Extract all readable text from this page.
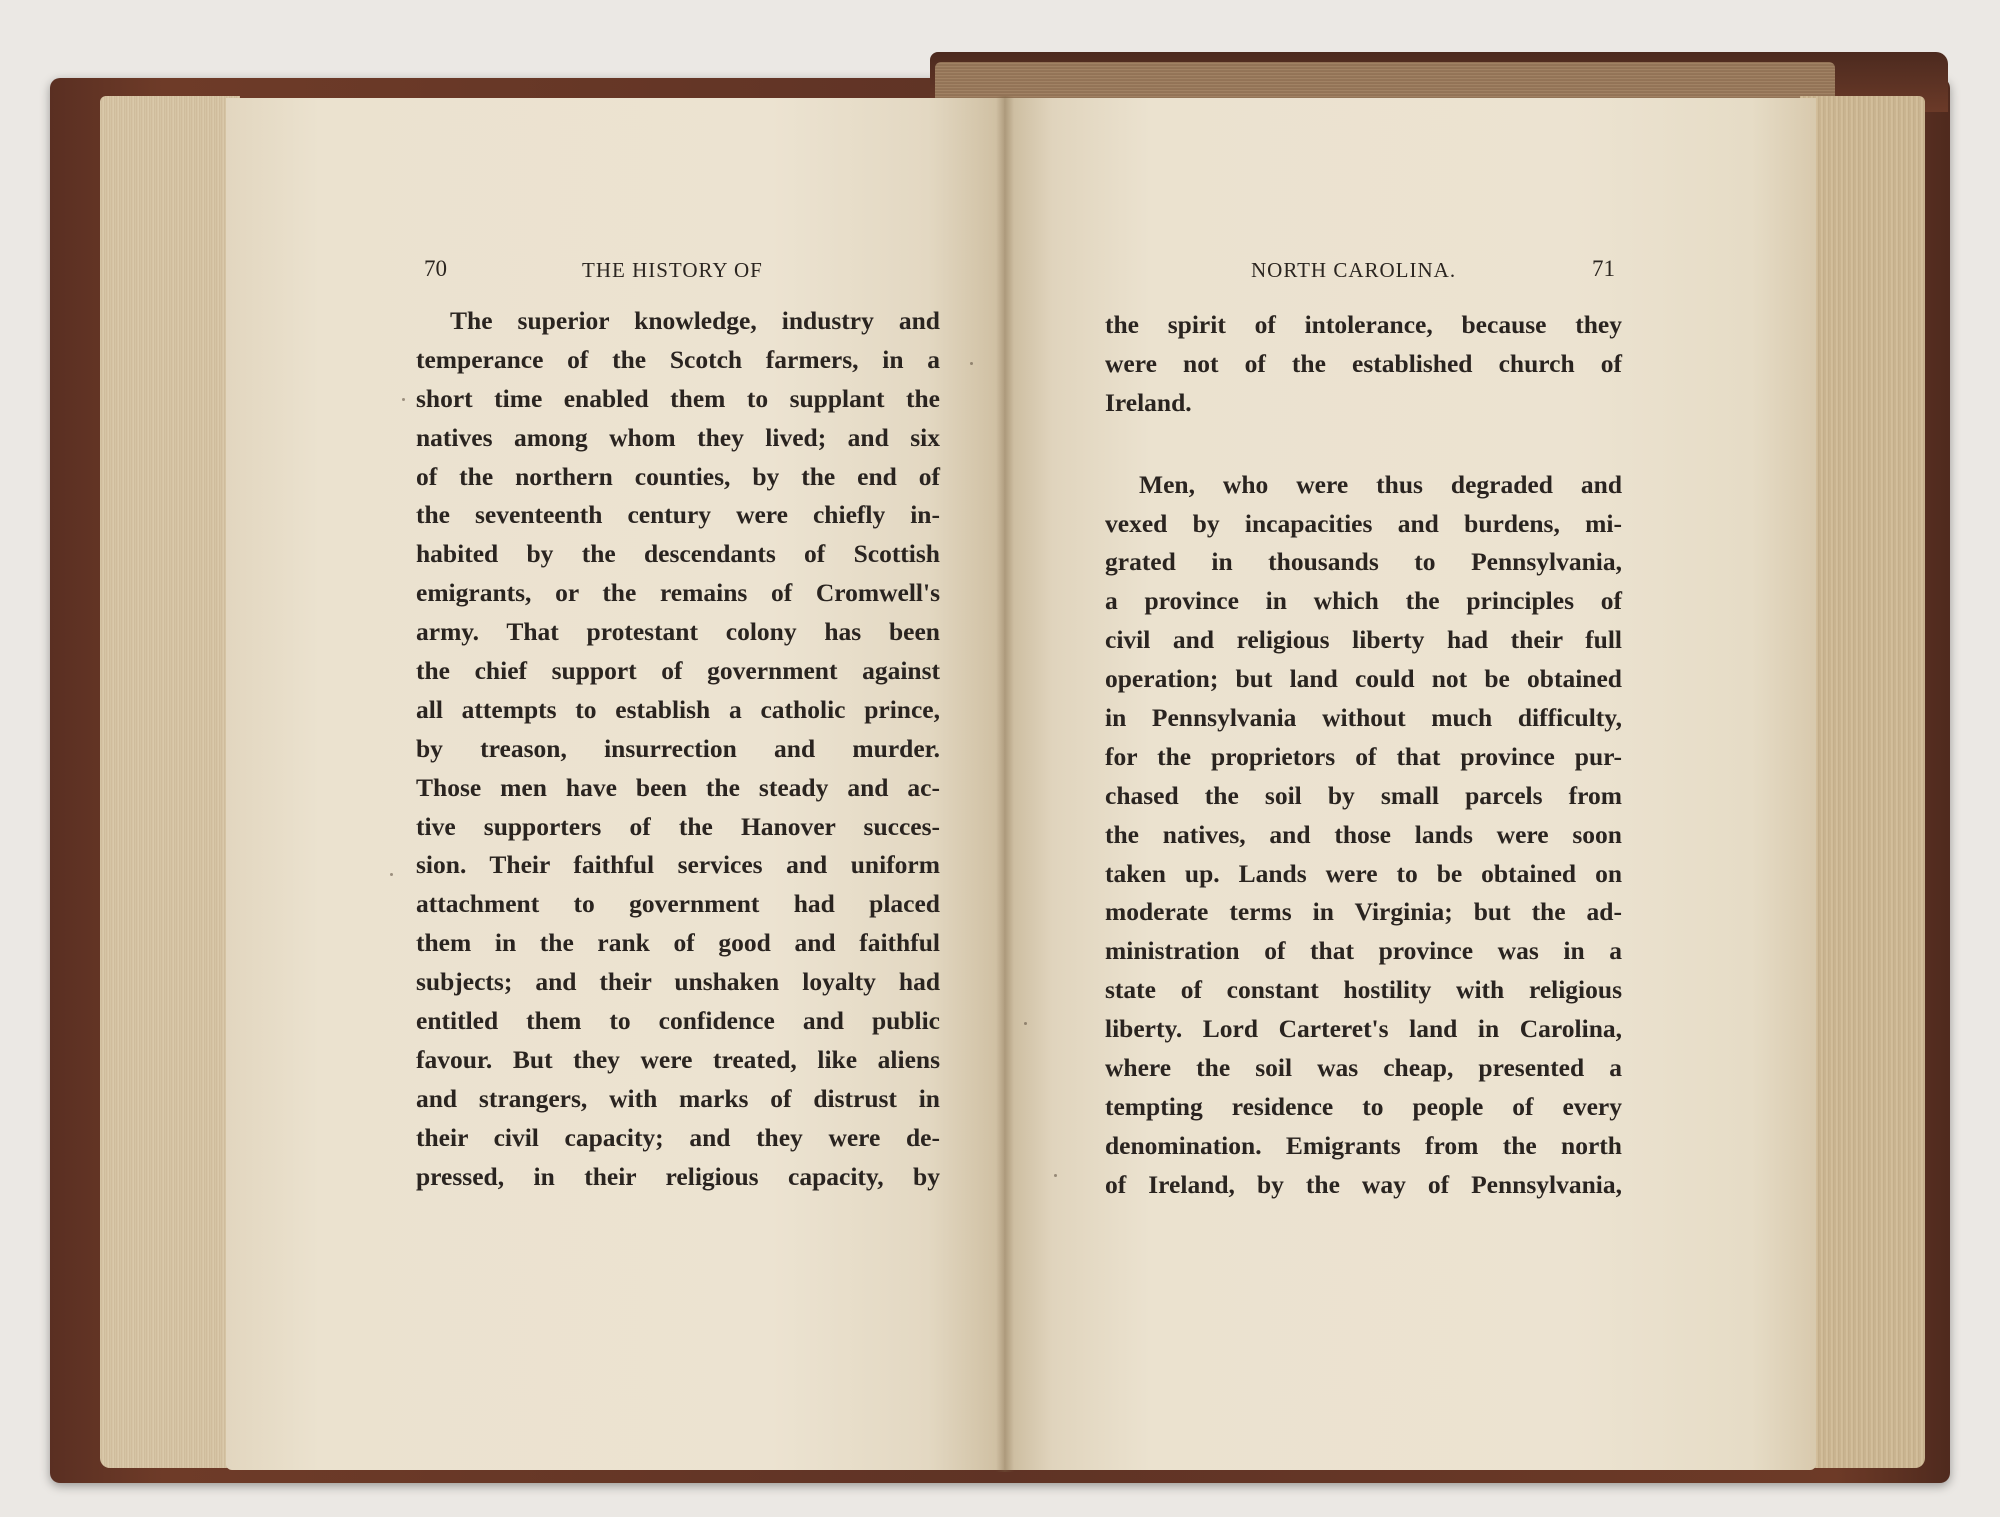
70	THE HISTORY OF	NORTH CAROLINA.	71
The superior knowledge, industry and
temperance of the Scotch farmers, in a
short time enabled them to supplant the
natives among whom they lived; and six
of the northern counties, by the end of
the seventeenth century were chiefly in-
habited by the descendants of Scottish
emigrants, or the remains of Cromwell's
army. That protestant colony has been
the chief support of government against
all attempts to establish a catholic prince,
by treason, insurrection and murder.
Those men have been the steady and ac-
tive supporters of the Hanover succes-
sion. Their faithful services and uniform
attachment to government had placed
them in the rank of good and faithful
subjects; and their unshaken loyalty had
entitled them to confidence and public
favour. But they were treated, like aliens
and strangers, with marks of distrust in
their civil capacity; and they were de-
pressed, in their religious capacity, by
the spirit of intolerance, because they
were not of the established church of
Ireland.
Men, who were thus degraded and
vexed by incapacities and burdens, mi-
grated in thousands to Pennsylvania,
a province in which the principles of
civil and religious liberty had their full
operation; but land could not be obtained
in Pennsylvania without much difficulty,
for the proprietors of that province pur-
chased the soil by small parcels from
the natives, and those lands were soon
taken up. Lands were to be obtained on
moderate terms in Virginia; but the ad-
ministration of that province was in a
state of constant hostility with religious
liberty. Lord Carteret's land in Carolina,
where the soil was cheap, presented a
tempting residence to people of every
denomination. Emigrants from the north
of Ireland, by the way of Pennsylvania,
